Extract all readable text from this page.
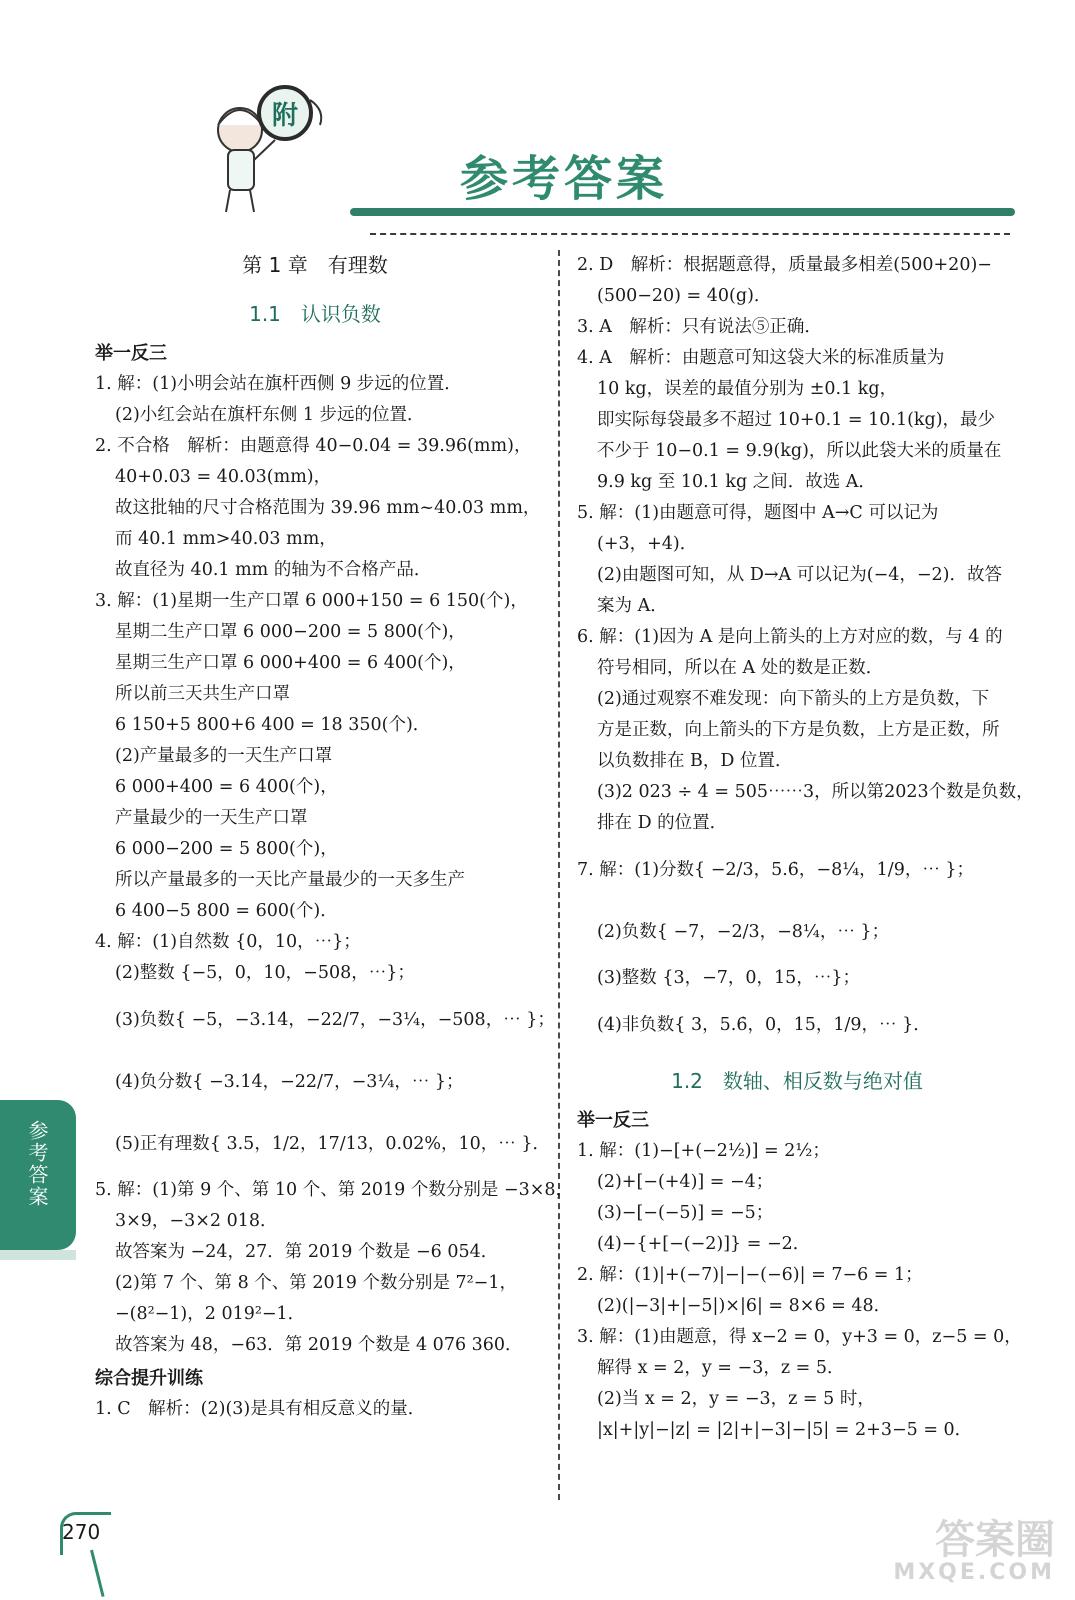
附
参考答案
参考答案
第 1 章　有理数
1.1　认识负数
举一反三
1. 解：(1)小明会站在旗杆西侧 9 步远的位置．
(2)小红会站在旗杆东侧 1 步远的位置．
2. 不合格　解析：由题意得 40−0.04 = 39.96(mm)，
40+0.03 = 40.03(mm)，
故这批轴的尺寸合格范围为 39.96 mm~40.03 mm，
而 40.1 mm>40.03 mm，
故直径为 40.1 mm 的轴为不合格产品．
3. 解：(1)星期一生产口罩 6 000+150 = 6 150(个)，
星期二生产口罩 6 000−200 = 5 800(个)，
星期三生产口罩 6 000+400 = 6 400(个)，
所以前三天共生产口罩
6 150+5 800+6 400 = 18 350(个)．
(2)产量最多的一天生产口罩
6 000+400 = 6 400(个)，
产量最少的一天生产口罩
6 000−200 = 5 800(个)，
所以产量最多的一天比产量最少的一天多生产
6 400−5 800 = 600(个)．
4. 解：(1)自然数 {0，10，⋯}；
(2)整数 {−5，0，10，−508，⋯}；
(3)负数{ −5，−3.14，−22/7，−3¼，−508，⋯ }；
(4)负分数{ −3.14，−22/7，−3¼，⋯ }；
(5)正有理数{ 3.5，1/2，17/13，0.02%，10，⋯ }．
5. 解：(1)第 9 个、第 10 个、第 2019 个数分别是 −3×8，
3×9，−3×2 018．
故答案为 −24，27．第 2019 个数是 −6 054．
(2)第 7 个、第 8 个、第 2019 个数分别是 7²−1，
−(8²−1)，2 019²−1．
故答案为 48，−63．第 2019 个数是 4 076 360．
综合提升训练
1. C　解析：(2)(3)是具有相反意义的量．
2. D　解析：根据题意得，质量最多相差(500+20)−
(500−20) = 40(g)．
3. A　解析：只有说法⑤正确．
4. A　解析：由题意可知这袋大米的标准质量为
10 kg，误差的最值分别为 ±0.1 kg，
即实际每袋最多不超过 10+0.1 = 10.1(kg)，最少
不少于 10−0.1 = 9.9(kg)，所以此袋大米的质量在
9.9 kg 至 10.1 kg 之间．故选 A．
5. 解：(1)由题意可得，题图中 A→C 可以记为
(+3，+4)．
(2)由题图可知，从 D→A 可以记为(−4，−2)．故答
案为 A．
6. 解：(1)因为 A 是向上箭头的上方对应的数，与 4 的
符号相同，所以在 A 处的数是正数．
(2)通过观察不难发现：向下箭头的上方是负数，下
方是正数，向上箭头的下方是负数，上方是正数，所
以负数排在 B，D 位置．
(3)2 023 ÷ 4 = 505⋯⋯3，所以第2023个数是负数，
排在 D 的位置．
7. 解：(1)分数{ −2/3，5.6̇，−8¼，1/9，⋯ }；
(2)负数{ −7，−2/3，−8¼，⋯ }；
(3)整数 {3，−7，0，15，⋯}；
(4)非负数{ 3，5.6̇，0，15，1/9，⋯ }．
1.2　数轴、相反数与绝对值
举一反三
1. 解：(1)−[+(−2½)] = 2½；
(2)+[−(+4)] = −4；
(3)−[−(−5)] = −5；
(4)−{+[−(−2)]} = −2．
2. 解：(1)|+(−7)|−|−(−6)| = 7−6 = 1；
(2)(|−3|+|−5|)×|6| = 8×6 = 48．
3. 解：(1)由题意，得 x−2 = 0，y+3 = 0，z−5 = 0，
解得 x = 2，y = −3，z = 5．
(2)当 x = 2，y = −3，z = 5 时，
|x|+|y|−|z| = |2|+|−3|−|5| = 2+3−5 = 0．
270	答案圈
MXQE.COM
